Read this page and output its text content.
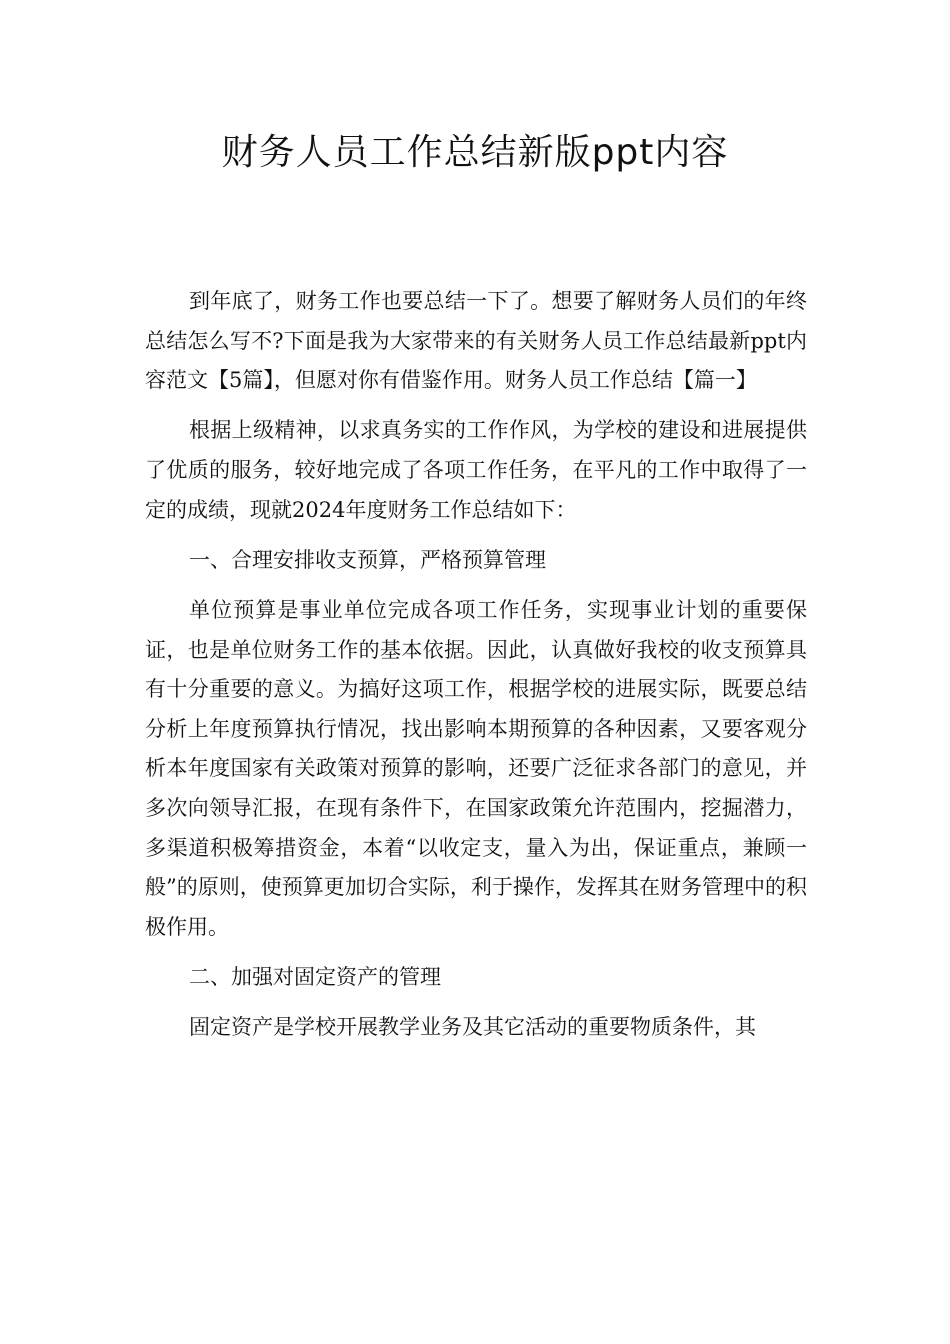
财务人员工作总结新版ppt内容

到年底了，财务工作也要总结一下了。想要了解财务人员们的年终总结怎么写不?下面是我为大家带来的有关财务人员工作总结最新ppt内容范文【5篇】，但愿对你有借鉴作用。财务人员工作总结【篇一】

根据上级精神，以求真务实的工作作风，为学校的建设和进展提供了优质的服务，较好地完成了各项工作任务，在平凡的工作中取得了一定的成绩，现就2024年度财务工作总结如下：

一、合理安排收支预算，严格预算管理

单位预算是事业单位完成各项工作任务，实现事业计划的重要保证，也是单位财务工作的基本依据。因此，认真做好我校的收支预算具有十分重要的意义。为搞好这项工作，根据学校的进展实际，既要总结分析上年度预算执行情况，找出影响本期预算的各种因素，又要客观分析本年度国家有关政策对预算的影响，还要广泛征求各部门的意见，并多次向领导汇报，在现有条件下，在国家政策允许范围内，挖掘潜力，多渠道积极筹措资金，本着“以收定支，量入为出，保证重点，兼顾一般”的原则，使预算更加切合实际，利于操作，发挥其在财务管理中的积极作用。

二、加强对固定资产的管理

固定资产是学校开展教学业务及其它活动的重要物质条件，其
